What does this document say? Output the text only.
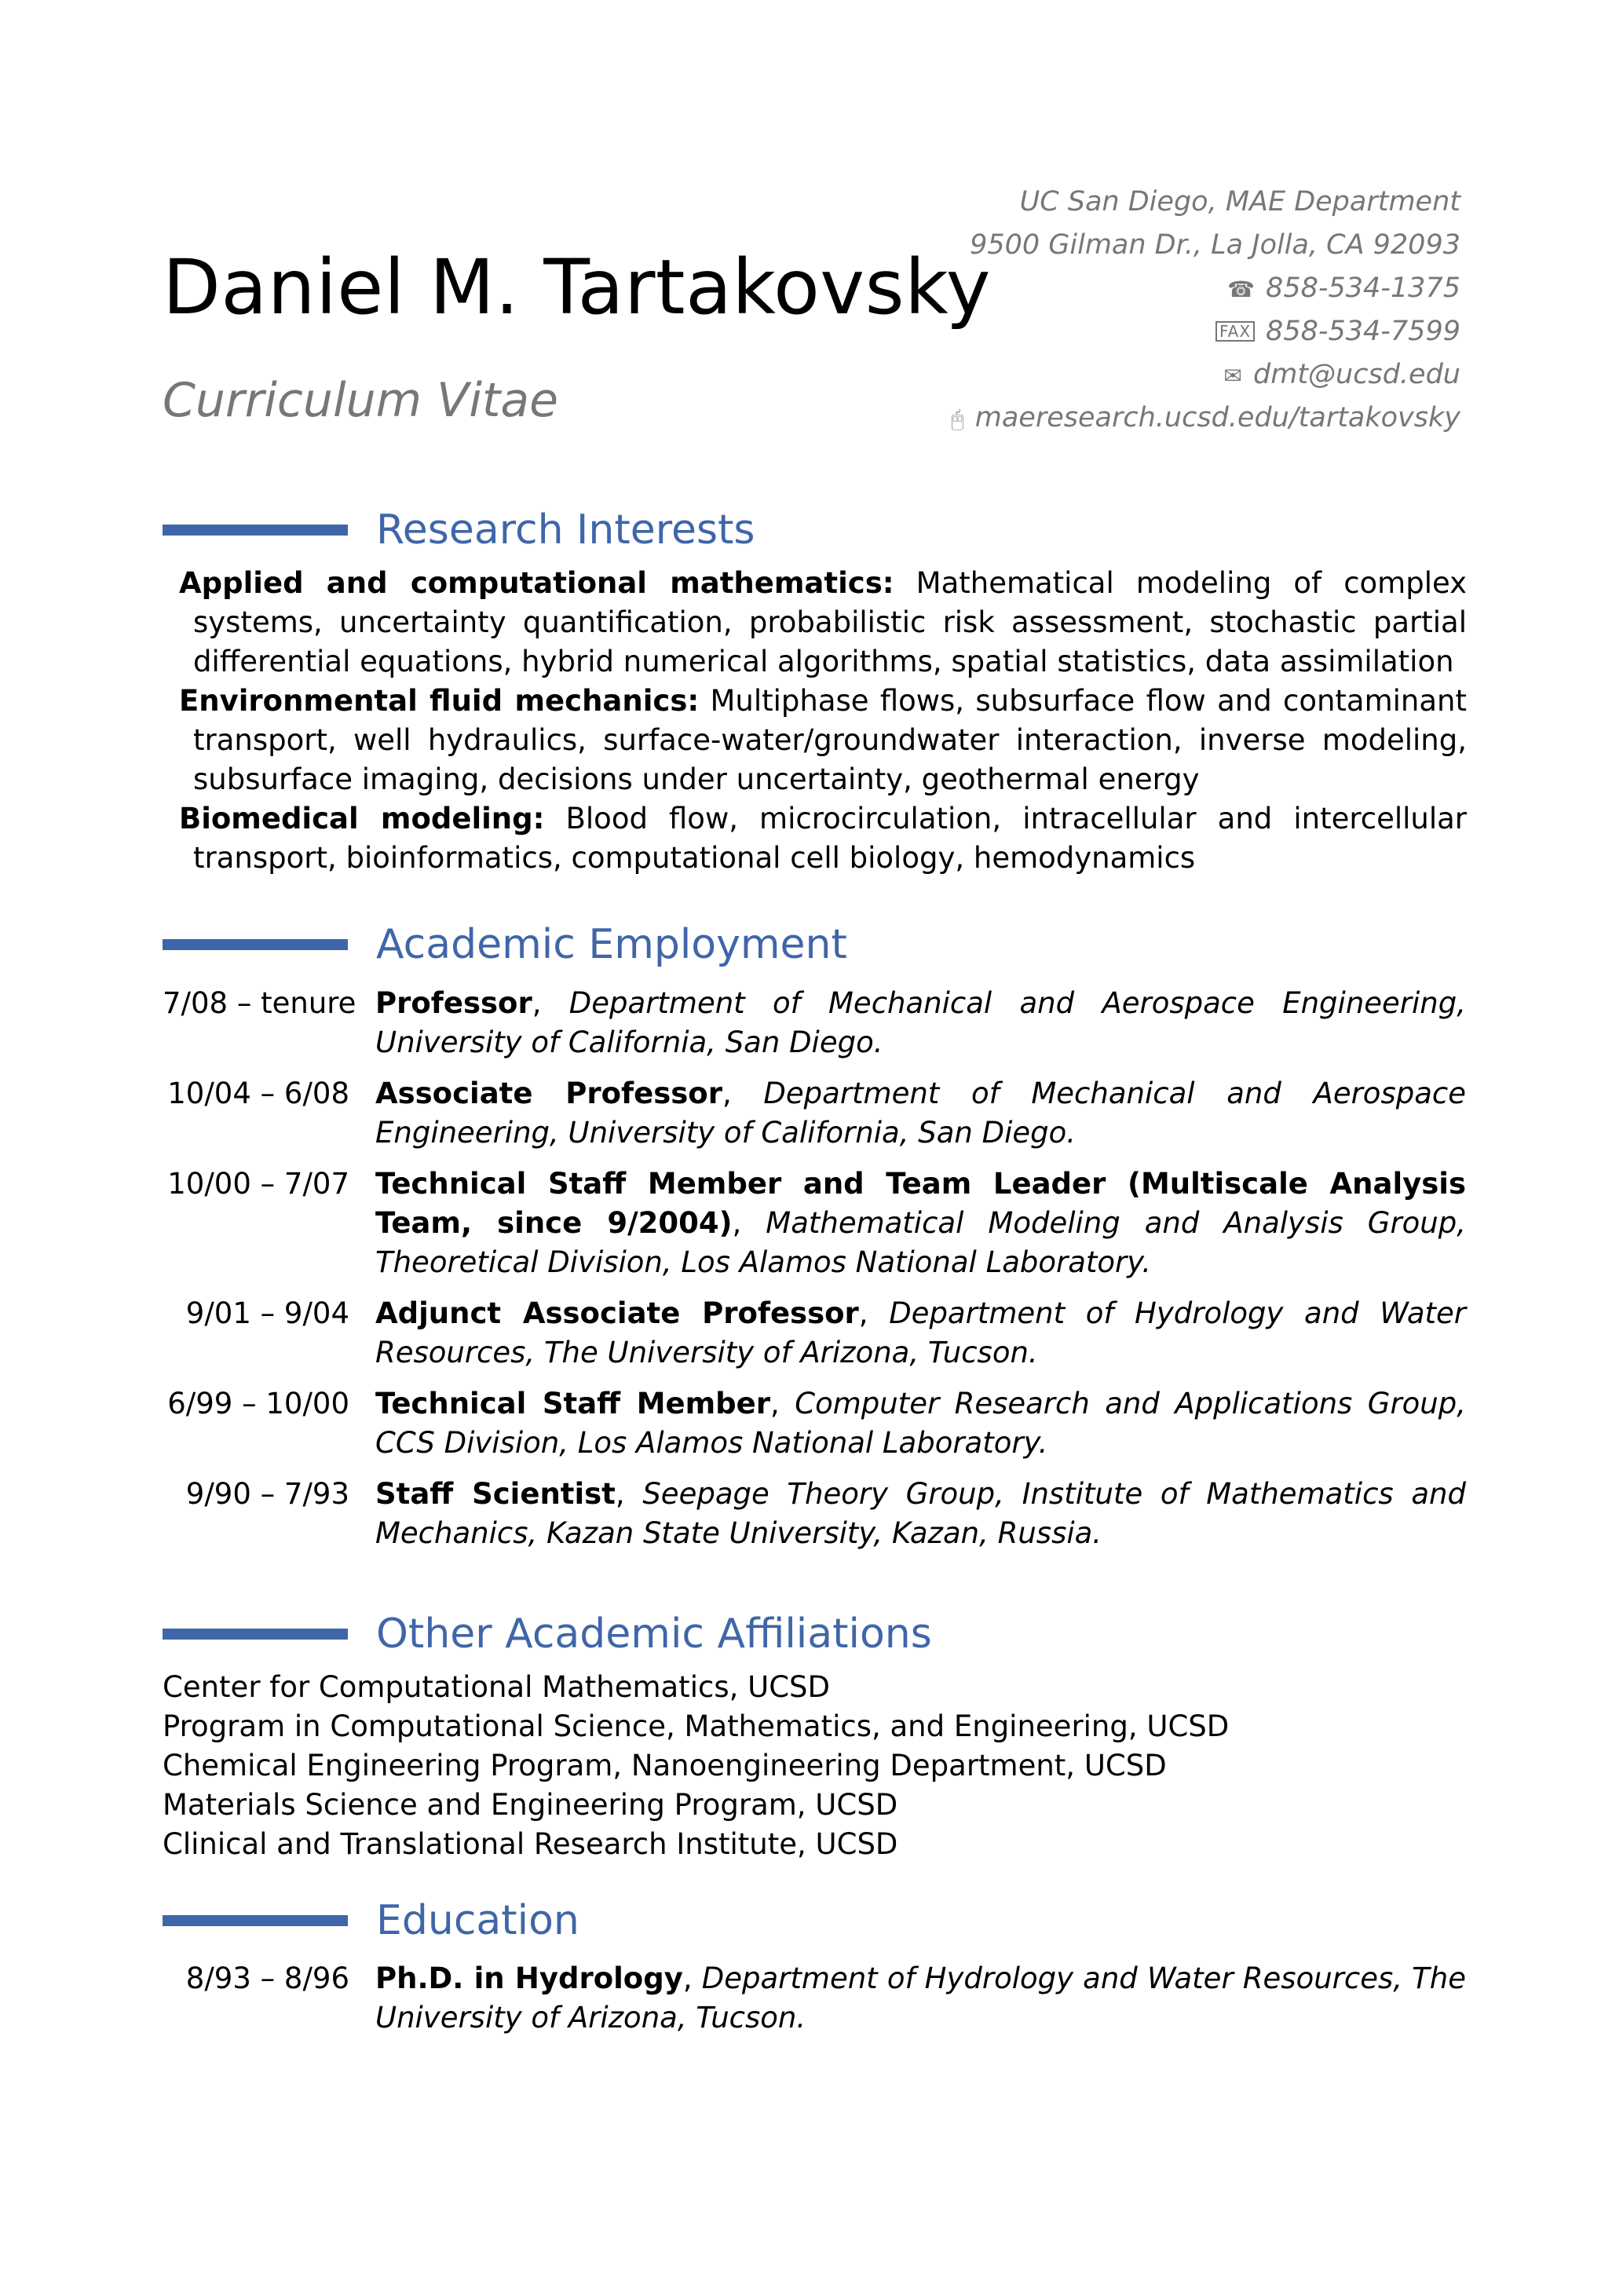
Daniel M. Tartakovsky
Curriculum Vitae
UC San Diego, MAE Department
9500 Gilman Dr., La Jolla, CA 92093
☎ 858-534-1375
FAX 858-534-7599
✉ dmt@ucsd.edu
🖰 maeresearch.ucsd.edu/tartakovsky
Research Interests
Applied and computational mathematics: Mathematical modeling of complex systems, uncertainty quantification, probabilistic risk assessment, stochastic partial differential equations, hybrid numerical algorithms, spatial statistics, data assimilation
Environmental fluid mechanics: Multiphase flows, subsurface flow and contaminant transport, well hydraulics, surface-water/groundwater interaction, inverse modeling, subsurface imaging, decisions under uncertainty, geothermal energy
Biomedical modeling: Blood flow, microcirculation, intracellular and intercellular transport, bioinformatics, computational cell biology, hemodynamics
Academic Employment
7/08 – tenure Professor, Department of Mechanical and Aerospace Engineering, University of California, San Diego.
10/04 – 6/08 Associate Professor, Department of Mechanical and Aerospace Engineering, University of California, San Diego.
10/00 – 7/07 Technical Staff Member and Team Leader (Multiscale Analysis Team, since 9/2004), Mathematical Modeling and Analysis Group, Theoretical Division, Los Alamos National Laboratory.
9/01 – 9/04 Adjunct Associate Professor, Department of Hydrology and Water Resources, The University of Arizona, Tucson.
6/99 – 10/00 Technical Staff Member, Computer Research and Applications Group, CCS Division, Los Alamos National Laboratory.
9/90 – 7/93 Staff Scientist, Seepage Theory Group, Institute of Mathematics and Mechanics, Kazan State University, Kazan, Russia.
Other Academic Affiliations
Center for Computational Mathematics, UCSD
Program in Computational Science, Mathematics, and Engineering, UCSD
Chemical Engineering Program, Nanoengineering Department, UCSD
Materials Science and Engineering Program, UCSD
Clinical and Translational Research Institute, UCSD
Education
8/93 – 8/96 Ph.D. in Hydrology, Department of Hydrology and Water Resources, The University of Arizona, Tucson.
